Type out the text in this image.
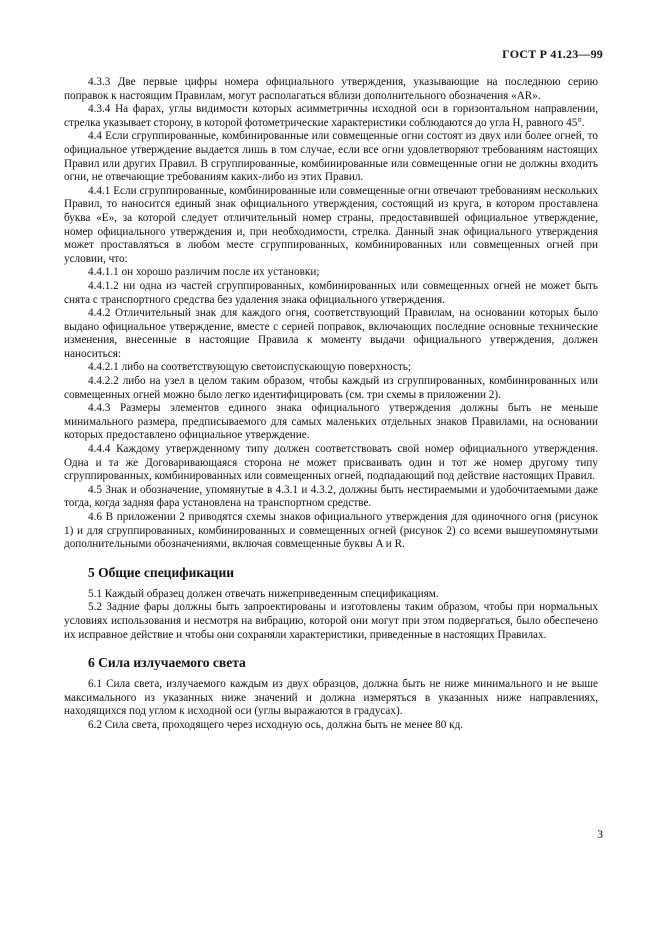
ГОСТ Р 41.23—99

4.3.3 Две первые цифры номера официального утверждения, указывающие на последнюю серию поправок к настоящим Правилам, могут располагаться вблизи дополнительного обозначения «AR».

4.3.4 На фарах, углы видимости которых асимметричны исходной оси в горизонтальном направлении, стрелка указывает сторону, в которой фотометрические характеристики соблюдаются до угла H, равного 45°.

4.4 Если сгруппированные, комбинированные или совмещенные огни состоят из двух или более огней, то официальное утверждение выдается лишь в том случае, если все огни удовлетворяют требованиям настоящих Правил или других Правил. В сгруппированные, комбинированные или совмещенные огни не должны входить огни, не отвечающие требованиям каких-либо из этих Правил.

4.4.1 Если сгруппированные, комбинированные или совмещенные огни отвечают требованиям нескольких Правил, то наносится единый знак официального утверждения, состоящий из круга, в котором проставлена буква «Е», за которой следует отличительный номер страны, предоставившей официальное утверждение, номер официального утверждения и, при необходимости, стрелка. Данный знак официального утверждения может проставляться в любом месте сгруппированных, комбинированных или совмещенных огней при условии, что:

4.4.1.1 он хорошо различим после их установки;

4.4.1.2 ни одна из частей сгруппированных, комбинированных или совмещенных огней не может быть снята с транспортного средства без удаления знака официального утверждения.

4.4.2 Отличительный знак для каждого огня, соответствующий Правилам, на основании которых было выдано официальное утверждение, вместе с серией поправок, включающих последние основные технические изменения, внесенные в настоящие Правила к моменту выдачи официального утверждения, должен наноситься:

4.4.2.1 либо на соответствующую светоиспускающую поверхность;

4.4.2.2 либо на узел в целом таким образом, чтобы каждый из сгруппированных, комбинированных или совмещенных огней можно было легко идентифицировать (см. три схемы в приложении 2).

4.4.3 Размеры элементов единого знака официального утверждения должны быть не меньше минимального размера, предписываемого для самых маленьких отдельных знаков Правилами, на основании которых предоставлено официальное утверждение.

4.4.4 Каждому утвержденному типу должен соответствовать свой номер официального утверждения. Одна и та же Договаривающаяся сторона не может присваивать один и тот же номер другому типу сгруппированных, комбинированных или совмещенных огней, подпадающий под действие настоящих Правил.

4.5 Знак и обозначение, упомянутые в 4.3.1 и 4.3.2, должны быть нестираемыми и удобочитаемыми даже тогда, когда задняя фара установлена на транспортном средстве.

4.6 В приложении 2 приводятся схемы знаков официального утверждения для одиночного огня (рисунок 1) и для сгруппированных, комбинированных и совмещенных огней (рисунок 2) со всеми вышеупомянутыми дополнительными обозначениями, включая совмещенные буквы A и R.

5 Общие спецификации

5.1 Каждый образец должен отвечать нижеприведенным спецификациям.

5.2 Задние фары должны быть запроектированы и изготовлены таким образом, чтобы при нормальных условиях использования и несмотря на вибрацию, которой они могут при этом подвергаться, было обеспечено их исправное действие и чтобы они сохраняли характеристики, приведенные в настоящих Правилах.

6 Сила излучаемого света

6.1 Сила света, излучаемого каждым из двух образцов, должна быть не ниже минимального и не выше максимального из указанных ниже значений и должна измеряться в указанных ниже направлениях, находящихся под углом к исходной оси (углы выражаются в градусах).

6.2 Сила света, проходящего через исходную ось, должна быть не менее 80 кд.

3
